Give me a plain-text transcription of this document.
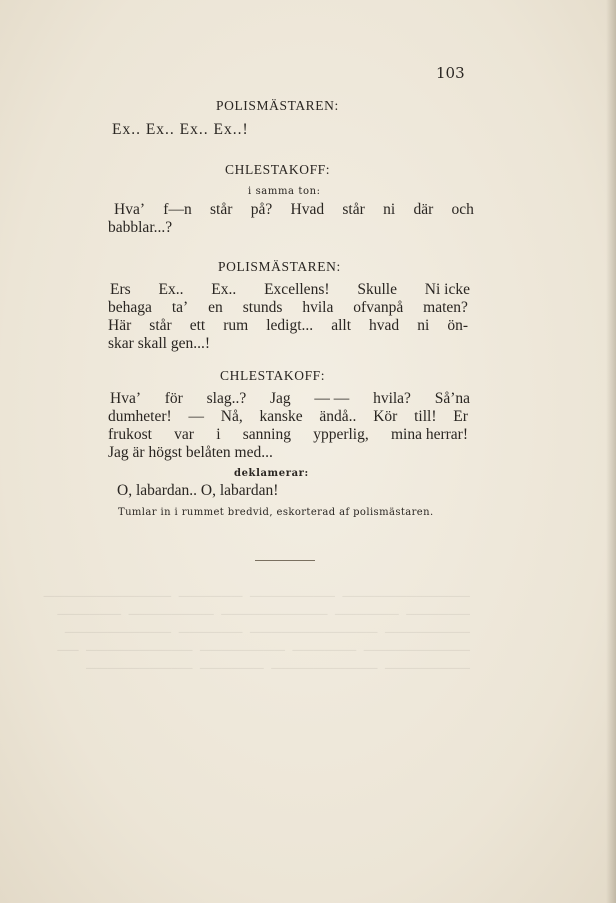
103
POLISMÄSTAREN:
Ex.. Ex.. Ex.. Ex..!
CHLESTAKOFF:
i samma ton:
Hva’ f—n står på? Hvad står ni där och
babblar...?
POLISMÄSTAREN:
Ers Ex.. Ex.. Excellens! Skulle Ni icke
behaga ta’ en stunds hvila ofvanpå maten?
Här står ett rum ledigt... allt hvad ni ön-
skar skall gen...!
CHLESTAKOFF:
Hva’ för slag..? Jag — — hvila? Så’na
dumheter! — Nå, kanske ändå.. Kör till! Er
frukost var i sanning ypperlig, mina herrar!
Jag är högst belåten med...
deklamerar:
O, labardan.. O, labardan!
Tumlar in i rummet bredvid, eskorterad af polismästaren.

────────────  ────────  ──────  ────────────
──────  ──────  ──────────  ────────  ──────
────────  ────────────  ──────  ──────────
──────────  ──────  ────────  ──────────  ──
────────  ──────────  ──────  ──────────
